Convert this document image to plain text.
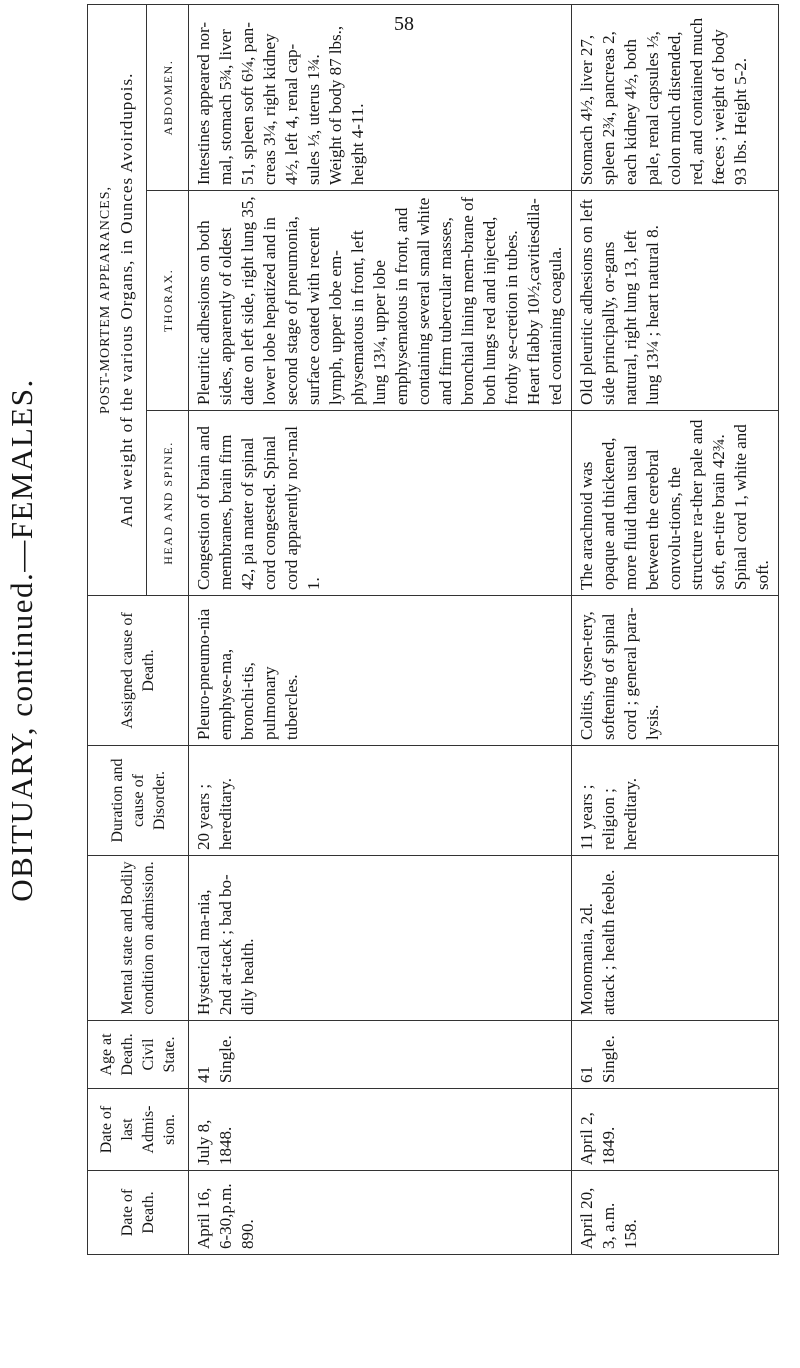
58
OBITUARY, continued.—FEMALES.
Date of Death.	Date of last Admis-sion.	Age at Death. Civil State.	Mental state and Bodily condition on admission.	Duration and cause of Disorder.	Assigned cause of Death.	POST-MORTEM APPEARANCES, And weight of the various Organs, in Ounces Avoirdupois.		

						HEAD AND SPINE.	THORAX.	ABDOMEN.
April 16, 6-30,p.m. 890.	July 8, 1848.	41 Single.	Hysterical ma-nia, 2nd at-tack ; bad bo-dily health.	20 years ; hereditary.	Pleuro-pneumo-nia emphyse-ma, bronchi-tis, pulmonary tubercles.	Congestion of brain and membranes, brain firm 42, pia mater of spinal cord congested. Spinal cord apparently nor-mal 1.	Pleuritic adhesions on both sides, apparently of oldest date on left side, right lung 35, lower lobe hepatized and in second stage of pneumonia, surface coated with recent lymph, upper lobe em-physematous in front, left lung 13¼, upper lobe emphysematous in front, and containing several small white and firm tubercular masses, bronchial lining mem-brane of both lungs red and injected, frothy se-cretion in tubes. Heart flabby 10½,cavitiesdila-ted containing coagula.	Intestines appeared nor-mal, stomach 5¾, liver 51, spleen soft 6¼, pan-creas 3¼, right kidney 4½, left 4, renal cap-sules ⅓, uterus 1¾. Weight of body 87 lbs., height 4-11.
April 20, 3, a.m. 158.	April 2, 1849.	61 Single.	Monomania, 2d. attack ; health feeble.	11 years ; religion ; hereditary.	Colitis, dysen-tery, softening of spinal cord ; general para-lysis.	The arachnoid was opaque and thickened, more fluid than usual between the cerebral convolu-tions, the structure ra-ther pale and soft, en-tire brain 42¾. Spinal cord 1, white and soft.	Old pleuritic adhesions on left side principally, or-gans natural, right lung 13, left lung 13¼ ; heart natural 8.	Stomach 4½, liver 27, spleen 2¾, pancreas 2, each kidney 4½, both pale, renal capsules ⅓, colon much distended, red, and contained much fœces ; weight of body 93 lbs. Height 5-2.
